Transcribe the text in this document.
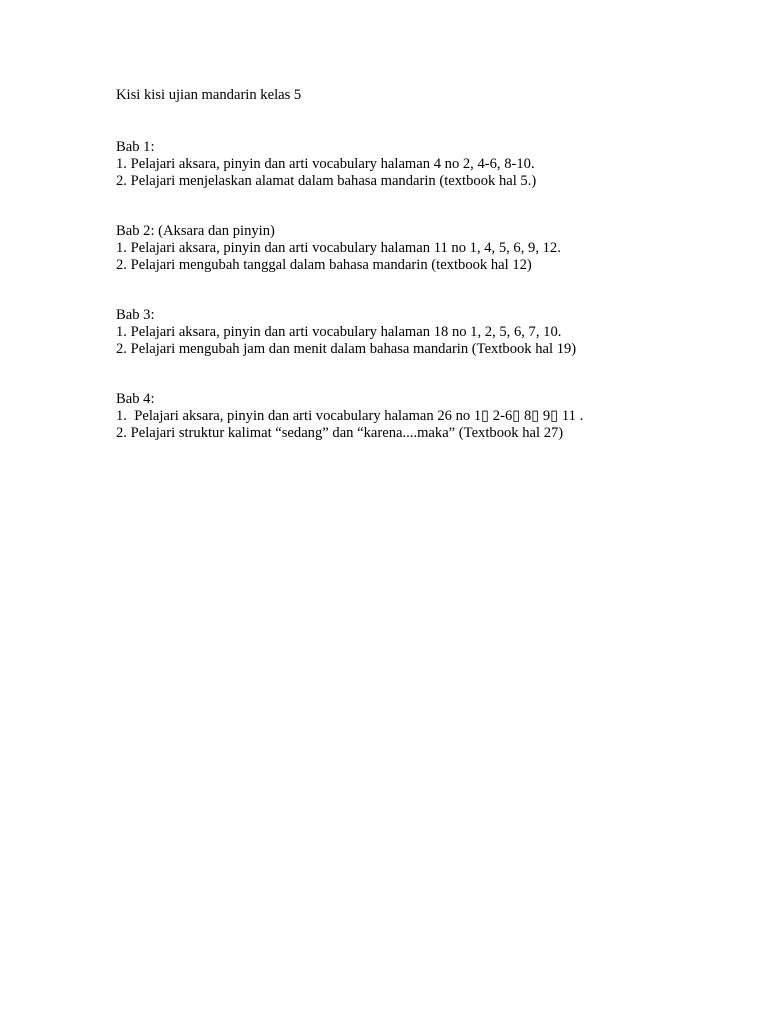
Kisi kisi ujian mandarin kelas 5

Bab 1:

1. Pelajari aksara, pinyin dan arti vocabulary halaman 4 no 2, 4-6, 8-10.

2. Pelajari menjelaskan alamat dalam bahasa mandarin (textbook hal 5.)

Bab 2: (Aksara dan pinyin)

1. Pelajari aksara, pinyin dan arti vocabulary halaman 11 no 1, 4, 5, 6, 9, 12.

2. Pelajari mengubah tanggal dalam bahasa mandarin (textbook hal 12)

Bab 3:

1. Pelajari aksara, pinyin dan arti vocabulary halaman 18 no 1, 2, 5, 6, 7, 10.

2. Pelajari mengubah jam dan menit dalam bahasa mandarin (Textbook hal 19)

Bab 4:

1.  Pelajari aksara, pinyin dan arti vocabulary halaman 26 no 1▯ 2-6▯ 8▯ 9▯ 11 .

2. Pelajari struktur kalimat “sedang” dan “karena....maka” (Textbook hal 27)
